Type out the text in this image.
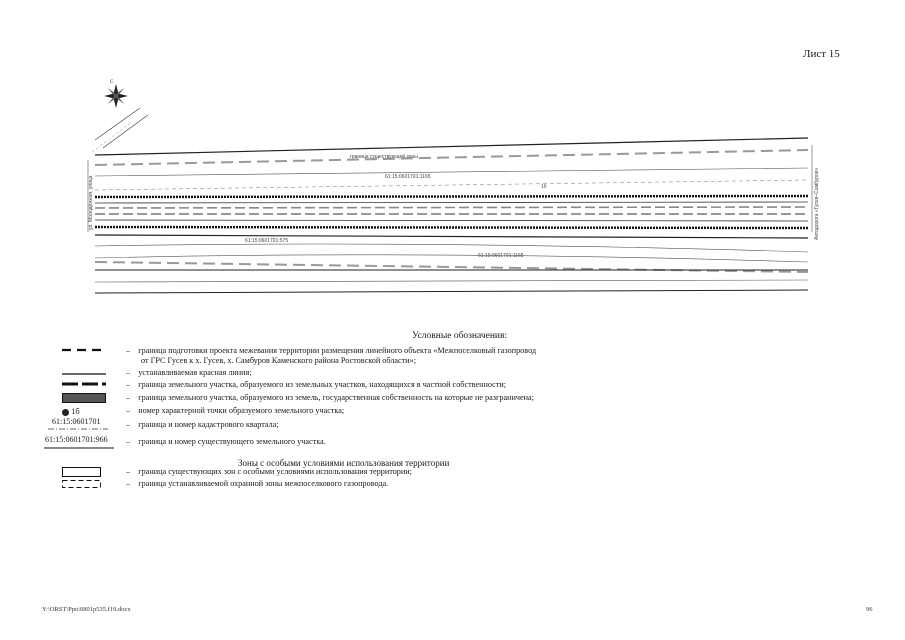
Лист 15
С
граница существующей зоны
61:15:0601701:1165
61:15:0601701:575
61:15:0601701:1165
1б
ул. Молодёжная, улица	Автодорога «Гусев–Самбуров»
Условные обозначения:
– граница подготовки проекта межевания территории размещения линейного объекта «Межпоселковый газопровод
от ГРС Гусев к х. Гусев, х. Самбуров Каменского района Ростовской области»;
– устанавливаемая красная линия;
– граница земельного участка, образуемого из земельных участков, находящихся в частной собственности;
– граница земельного участка, образуемого из земель, государственная собственность на которые не разграничена;
1б	– номер характерной точки образуемого земельного участка;
61:15:0601701	– граница и номер кадастрового квартала;
61:15:0601701:966 – граница и номер существующего земельного участка.
Зоны с особыми условиями использования территории
– граница существующих зон с особыми условиями использования территории;
– граница устанавливаемой охранной зоны межпоселкового газопровода.
Y:\ORST\Ppo\0801p535.f19.docx	96
